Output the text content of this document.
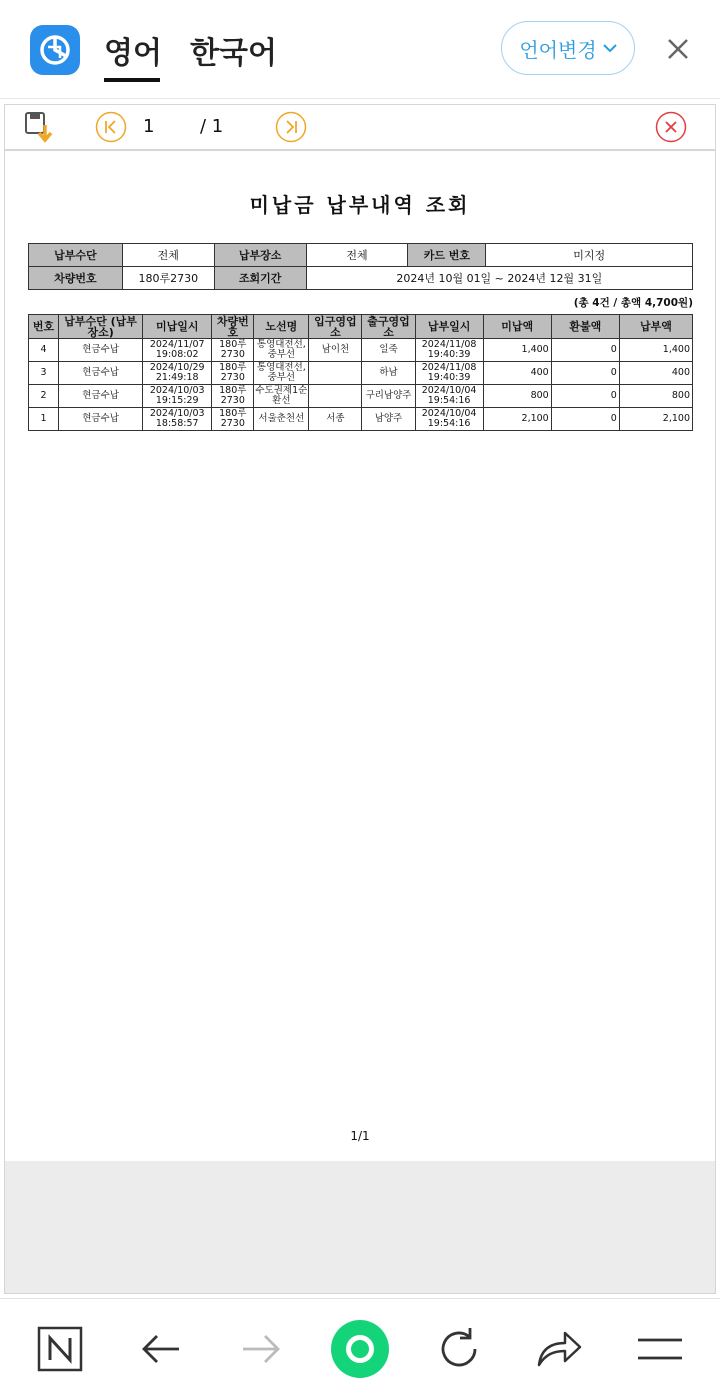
영어 한국어	언어변경
1	/ 1
미납금 납부내역 조회
납부수단	전체	납부장소	전체	카드 번호	미지정
차량번호	180루2730	조회기간	2024년 10월 01일 ~ 2024년 12월 31일		
(총 4건 / 총액 4,700원)
번호	납부수단 (납부장소)	미납일시	차량번호	노선명	입구영업소	출구영업소	납부일시	미납액	환불액	납부액
4	현금수납	2024/11/07 19:08:02	180루 2730	통영대전선, 중부선	남이천	일죽	2024/11/08 19:40:39	1,400	0	1,400
3	현금수납	2024/10/29 21:49:18	180루 2730	통영대전선, 중부선		하남	2024/11/08 19:40:39	400	0	400
2	현금수납	2024/10/03 19:15:29	180루 2730	수도권제1순환선		구리남양주	2024/10/04 19:54:16	800	0	800
1	현금수납	2024/10/03 18:58:57	180루 2730	서울춘천선	서종	남양주	2024/10/04 19:54:16	2,100	0	2,100
1/1
